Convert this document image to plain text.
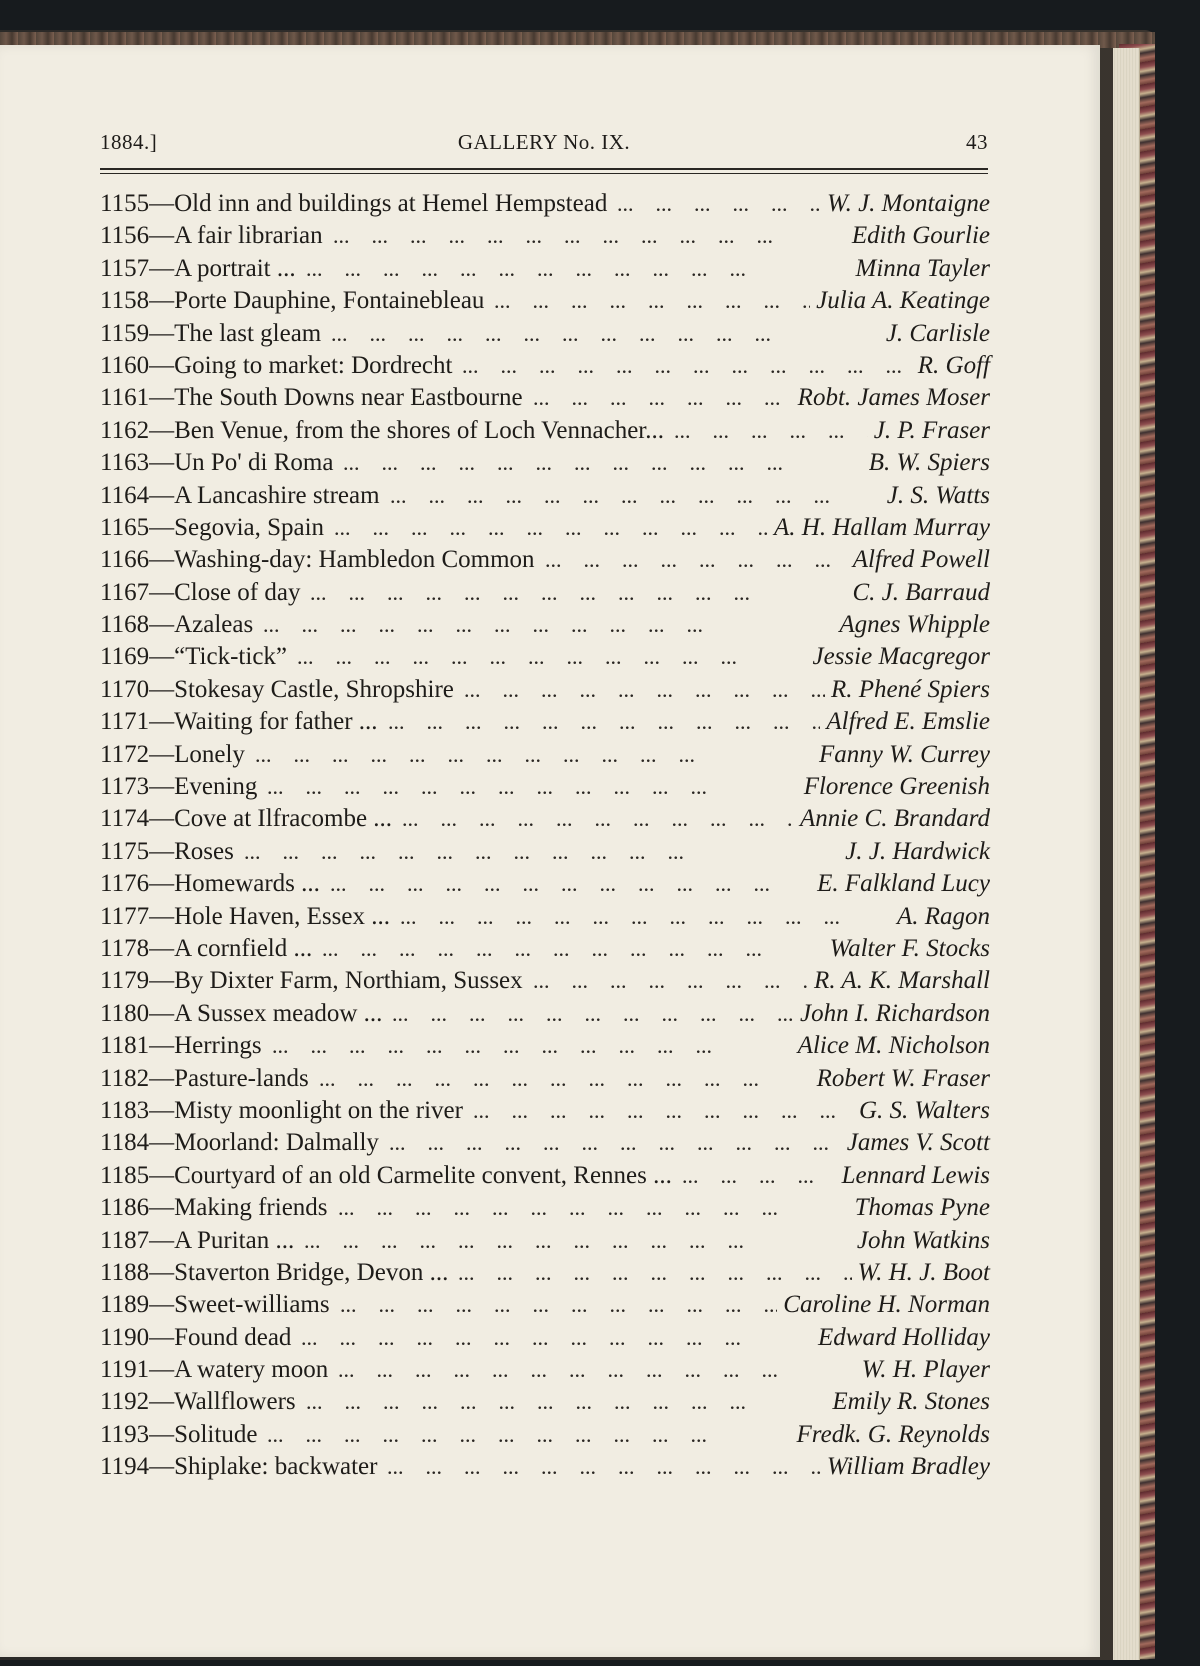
1884.]	GALLERY No. IX.	43
...
1155—Old inn and buildings at Hemel Hempstead	W. J. Montaigne
...
1156—A fair librarian	Edith Gourlie
...
1157—A portrait ...	Minna Tayler
...
1158—Porte Dauphine, Fontainebleau	Julia A. Keatinge
...
1159—The last gleam	J. Carlisle
...
1160—Going to market: Dordrecht	R. Goff
...
1161—The South Downs near Eastbourne	Robt. James Moser
...
1162—Ben Venue, from the shores of Loch Vennacher...	J. P. Fraser
...
1163—Un Po' di Roma	B. W. Spiers
...
1164—A Lancashire stream	J. S. Watts
...
1165—Segovia, Spain	A. H. Hallam Murray
...
1166—Washing-day: Hambledon Common	Alfred Powell
...
1167—Close of day	C. J. Barraud
...
1168—Azaleas	Agnes Whipple
...
1169—“Tick-tick”	Jessie Macgregor
...
1170—Stokesay Castle, Shropshire	R. Phené Spiers
...
1171—Waiting for father ...	Alfred E. Emslie
...
1172—Lonely	Fanny W. Currey
...
1173—Evening	Florence Greenish
...
1174—Cove at Ilfracombe ...	Annie C. Brandard
...
1175—Roses	J. J. Hardwick
...
1176—Homewards ...	E. Falkland Lucy
...
1177—Hole Haven, Essex ...	A. Ragon
...
1178—A cornfield ...	Walter F. Stocks
...
1179—By Dixter Farm, Northiam, Sussex	R. A. K. Marshall
...
1180—A Sussex meadow ...	John I. Richardson
...
1181—Herrings	Alice M. Nicholson
...
1182—Pasture-lands	Robert W. Fraser
...
1183—Misty moonlight on the river	G. S. Walters
...
1184—Moorland: Dalmally	James V. Scott
...
1185—Courtyard of an old Carmelite convent, Rennes ...	Lennard Lewis
...
1186—Making friends	Thomas Pyne
...
1187—A Puritan ...	John Watkins
...
1188—Staverton Bridge, Devon ...	W. H. J. Boot
...
1189—Sweet-williams	Caroline H. Norman
...
1190—Found dead	Edward Holliday
...
1191—A watery moon	W. H. Player
...
1192—Wallflowers	Emily R. Stones
...
1193—Solitude	Fredk. G. Reynolds
...
1194—Shiplake: backwater	William Bradley
